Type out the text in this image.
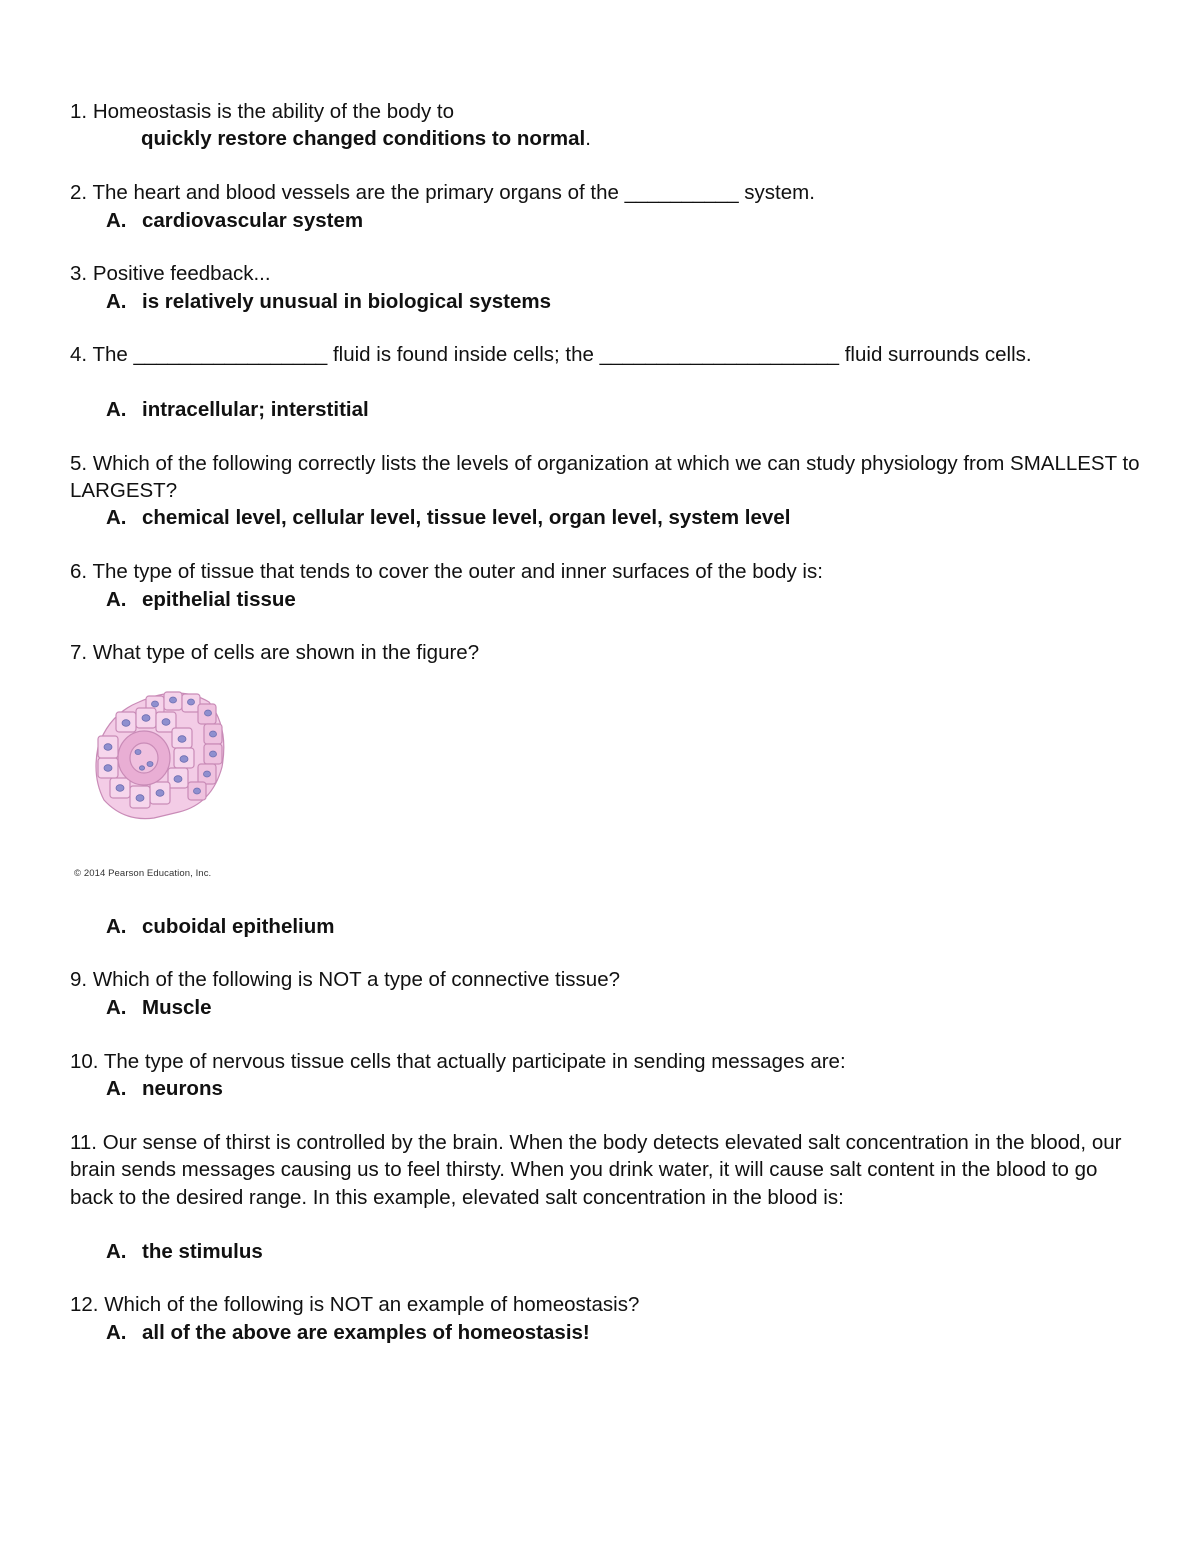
1. Homeostasis is the ability of the body to

quickly restore changed conditions to normal.

2. The heart and blood vessels are the primary organs of the __________ system.

A. cardiovascular system

3. Positive feedback...

A. is relatively unusual in biological systems

4. The _________________ fluid is found inside cells; the _____________________ fluid surrounds cells.

A. intracellular; interstitial

5. Which of the following correctly lists the levels of organization at which we can study physiology from SMALLEST to LARGEST?

A. chemical level, cellular level, tissue level, organ level, system level

6. The type of tissue that tends to cover the outer and inner surfaces of the body is:

A. epithelial tissue

7. What type of cells are shown in the figure?

© 2014 Pearson Education, Inc.

A. cuboidal epithelium

9. Which of the following is NOT a type of connective tissue?

A. Muscle

10. The type of nervous tissue cells that actually participate in sending messages are:

A. neurons

11. Our sense of thirst is controlled by the brain. When the body detects elevated salt concentration in the blood, our brain sends messages causing us to feel thirsty. When you drink water, it will cause salt content in the blood to go back to the desired range. In this example, elevated salt concentration in the blood is:

A. the stimulus

12. Which of the following is NOT an example of homeostasis?

A. all of the above are examples of homeostasis!
